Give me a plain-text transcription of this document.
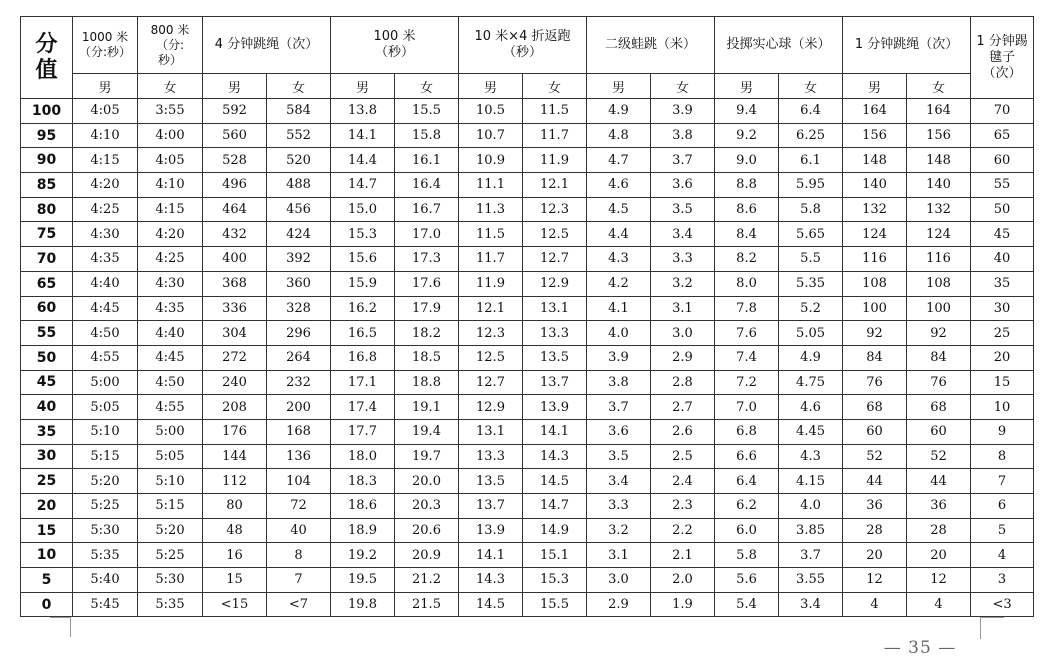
分值	1000 米（分:秒）	800 米（分:秒）	4 分钟跳绳（次）		100 米（秒）		10 米×4 折返跑（秒）		二级蛙跳（米）		投掷实心球（米）		1 分钟跳绳（次）		1 分钟踢毽子（次）

	男	女	男	女	男	女	男	女	男	女	男	女	男	女	
100	4:05	3:55	592	584	13.8	15.5	10.5	11.5	4.9	3.9	9.4	6.4	164	164	70
95	4:10	4:00	560	552	14.1	15.8	10.7	11.7	4.8	3.8	9.2	6.25	156	156	65
90	4:15	4:05	528	520	14.4	16.1	10.9	11.9	4.7	3.7	9.0	6.1	148	148	60
85	4:20	4:10	496	488	14.7	16.4	11.1	12.1	4.6	3.6	8.8	5.95	140	140	55
80	4:25	4:15	464	456	15.0	16.7	11.3	12.3	4.5	3.5	8.6	5.8	132	132	50
75	4:30	4:20	432	424	15.3	17.0	11.5	12.5	4.4	3.4	8.4	5.65	124	124	45
70	4:35	4:25	400	392	15.6	17.3	11.7	12.7	4.3	3.3	8.2	5.5	116	116	40
65	4:40	4:30	368	360	15.9	17.6	11.9	12.9	4.2	3.2	8.0	5.35	108	108	35
60	4:45	4:35	336	328	16.2	17.9	12.1	13.1	4.1	3.1	7.8	5.2	100	100	30
55	4:50	4:40	304	296	16.5	18.2	12.3	13.3	4.0	3.0	7.6	5.05	92	92	25
50	4:55	4:45	272	264	16.8	18.5	12.5	13.5	3.9	2.9	7.4	4.9	84	84	20
45	5:00	4:50	240	232	17.1	18.8	12.7	13.7	3.8	2.8	7.2	4.75	76	76	15
40	5:05	4:55	208	200	17.4	19.1	12.9	13.9	3.7	2.7	7.0	4.6	68	68	10
35	5:10	5:00	176	168	17.7	19.4	13.1	14.1	3.6	2.6	6.8	4.45	60	60	9
30	5:15	5:05	144	136	18.0	19.7	13.3	14.3	3.5	2.5	6.6	4.3	52	52	8
25	5:20	5:10	112	104	18.3	20.0	13.5	14.5	3.4	2.4	6.4	4.15	44	44	7
20	5:25	5:15	80	72	18.6	20.3	13.7	14.7	3.3	2.3	6.2	4.0	36	36	6
15	5:30	5:20	48	40	18.9	20.6	13.9	14.9	3.2	2.2	6.0	3.85	28	28	5
10	5:35	5:25	16	8	19.2	20.9	14.1	15.1	3.1	2.1	5.8	3.7	20	20	4
5	5:40	5:30	15	7	19.5	21.2	14.3	15.3	3.0	2.0	5.6	3.55	12	12	3
0	5:45	5:35	<15	<7	19.8	21.5	14.5	15.5	2.9	1.9	5.4	3.4	4	4	<3
— 35 —
